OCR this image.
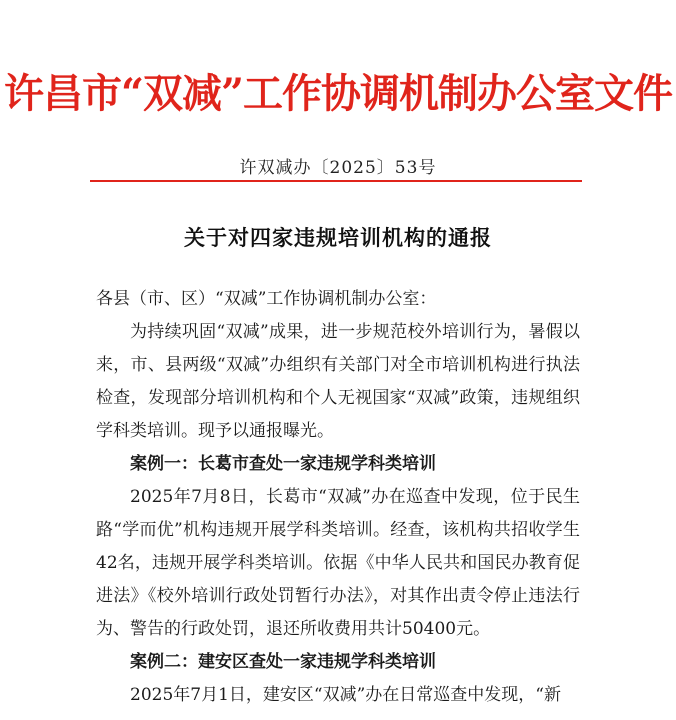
许昌市“双减”工作协调机制办公室文件
许双减办〔2025〕53号
关于对四家违规培训机构的通报

各县（市、区）“双减”工作协调机制办公室：

为持续巩固“双减”成果，进一步规范校外培训行为，暑假以来，市、县两级“双减”办组织有关部门对全市培训机构进行执法检查，发现部分培训机构和个人无视国家“双减”政策，违规组织学科类培训。现予以通报曝光。

案例一：长葛市查处一家违规学科类培训

2025年7月8日，长葛市“双减”办在巡查中发现，位于民生路“学而优”机构违规开展学科类培训。经查，该机构共招收学生42名，违规开展学科类培训。依据《中华人民共和国民办教育促进法》《校外培训行政处罚暂行办法》，对其作出责令停止违法行为、警告的行政处罚，退还所收费用共计50400元。

案例二：建安区查处一家违规学科类培训

2025年7月1日，建安区“双减”办在日常巡查中发现，“新
